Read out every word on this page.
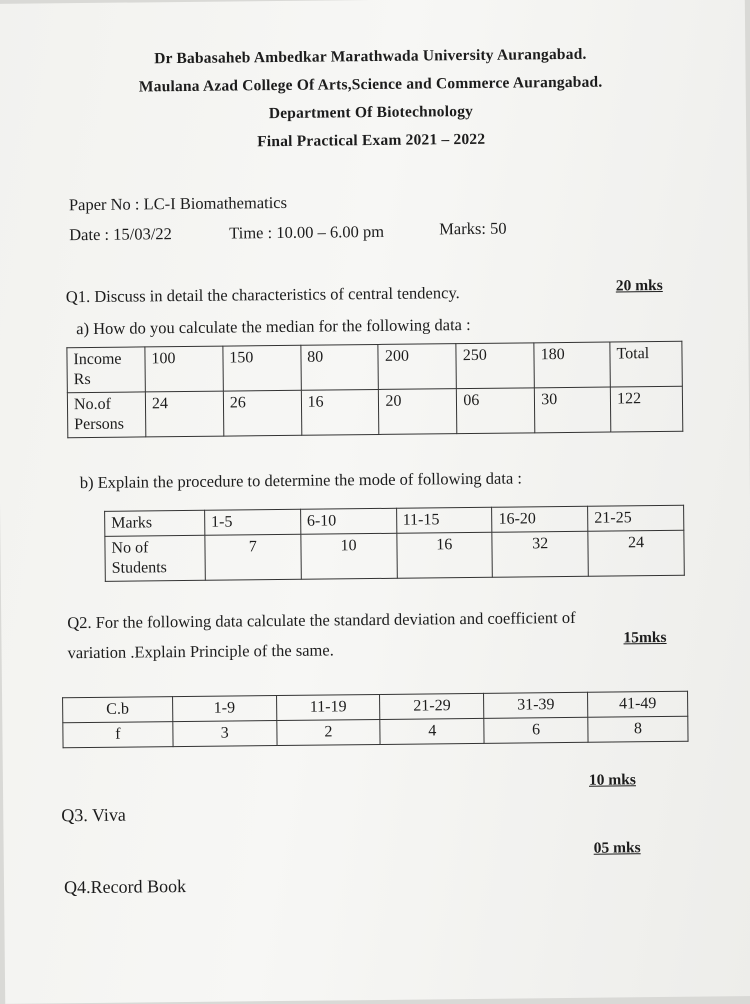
Dr Babasaheb Ambedkar Marathwada University Aurangabad.
Maulana Azad College Of Arts,Science and Commerce Aurangabad.
Department Of Biotechnology
Final Practical Exam 2021 – 2022
Paper No : LC-I Biomathematics
Date : 15/03/22	Time : 10.00 – 6.00 pm	Marks: 50
Q1. Discuss in detail the characteristics of central tendency.	20 mks
a) How do you calculate the median for the following data :
Income Rs	100	150	80	200	250	180	Total
No.of Persons	24	26	16	20	06	30	122
b) Explain the procedure to determine the mode of following data :
Marks	1-5	6-10	11-15	16-20	21-25
No of Students	7	10	16	32	24
Q2. For the following data calculate the standard deviation and coefficient of
variation .Explain Principle of the same.
15mks
C.b	1-9	11-19	21-29	31-39	41-49
f	3	2	4	6	8
10 mks
Q3. Viva
05 mks
Q4.Record Book
